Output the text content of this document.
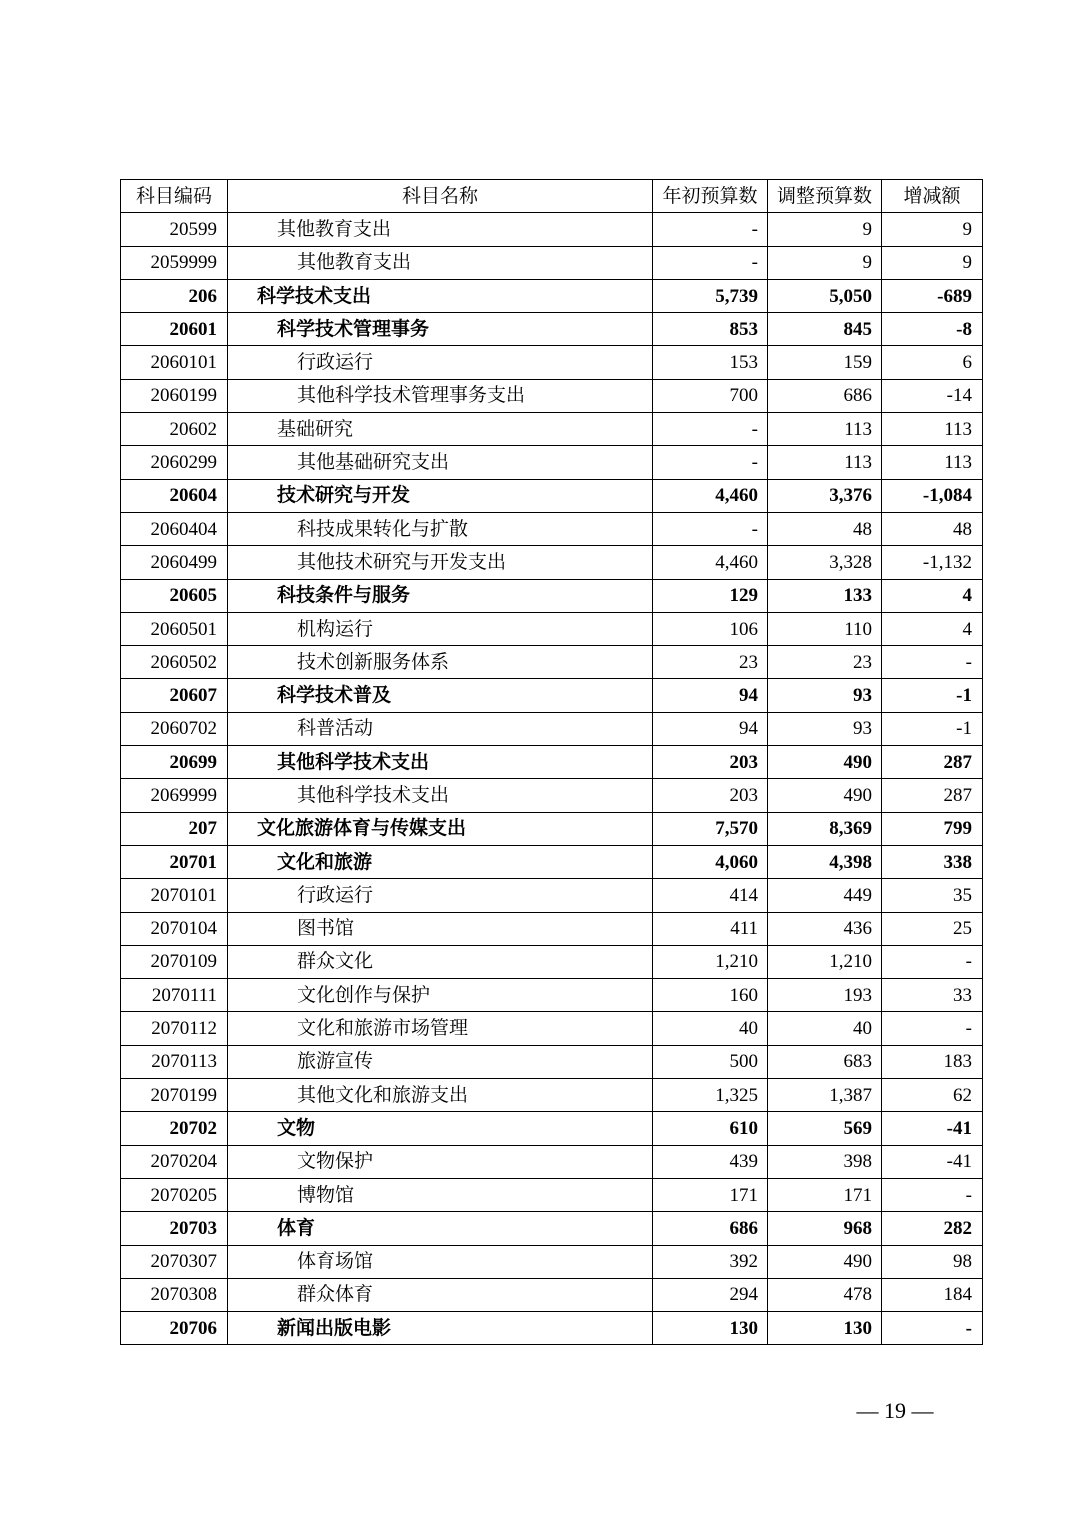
科目编码	科目名称	年初预算数	调整预算数	增减额
20599	其他教育支出	-	9	9
2059999	其他教育支出	-	9	9
206	科学技术支出	5,739	5,050	-689
20601	科学技术管理事务	853	845	-8
2060101	行政运行	153	159	6
2060199	其他科学技术管理事务支出	700	686	-14
20602	基础研究	-	113	113
2060299	其他基础研究支出	-	113	113
20604	技术研究与开发	4,460	3,376	-1,084
2060404	科技成果转化与扩散	-	48	48
2060499	其他技术研究与开发支出	4,460	3,328	-1,132
20605	科技条件与服务	129	133	4
2060501	机构运行	106	110	4
2060502	技术创新服务体系	23	23	-
20607	科学技术普及	94	93	-1
2060702	科普活动	94	93	-1
20699	其他科学技术支出	203	490	287
2069999	其他科学技术支出	203	490	287
207	文化旅游体育与传媒支出	7,570	8,369	799
20701	文化和旅游	4,060	4,398	338
2070101	行政运行	414	449	35
2070104	图书馆	411	436	25
2070109	群众文化	1,210	1,210	-
2070111	文化创作与保护	160	193	33
2070112	文化和旅游市场管理	40	40	-
2070113	旅游宣传	500	683	183
2070199	其他文化和旅游支出	1,325	1,387	62
20702	文物	610	569	-41
2070204	文物保护	439	398	-41
2070205	博物馆	171	171	-
20703	体育	686	968	282
2070307	体育场馆	392	490	98
2070308	群众体育	294	478	184
20706	新闻出版电影	130	130	-
— 19 —
